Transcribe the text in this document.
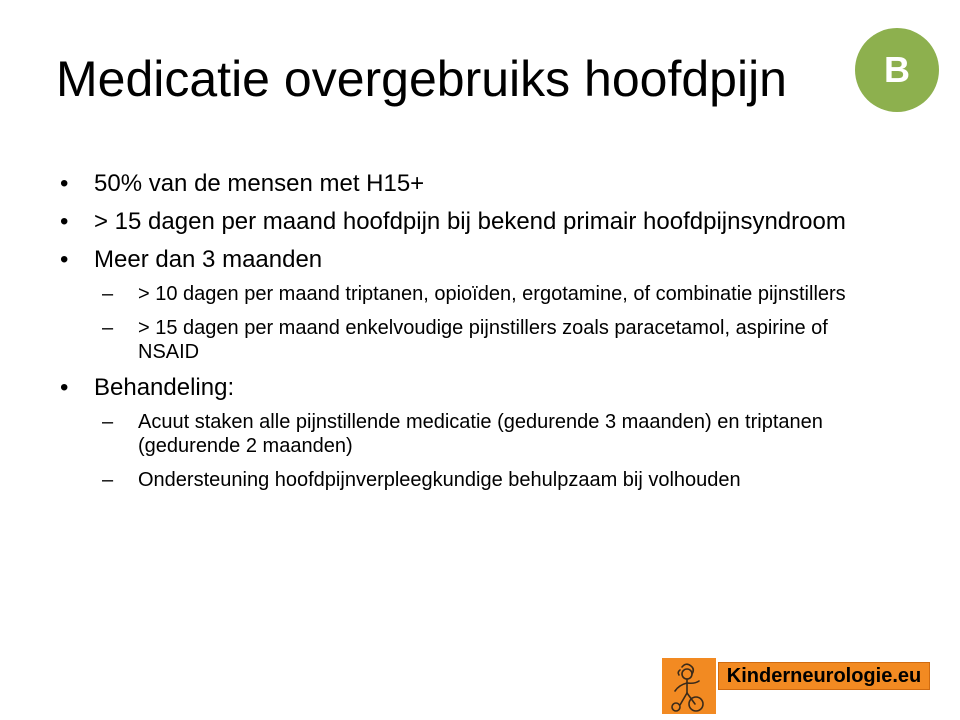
Medicatie overgebruiks hoofdpijn	B
•	50% van de mensen met H15+
•	> 15 dagen per maand hoofdpijn bij bekend primair hoofdpijnsyndroom
•	Meer dan 3 maanden
–	> 10 dagen per maand triptanen, opioïden, ergotamine, of combinatie pijnstillers
–	> 15 dagen per maand enkelvoudige pijnstillers zoals paracetamol, aspirine of NSAID
•	Behandeling:
–	Acuut staken alle pijnstillende medicatie (gedurende 3 maanden) en triptanen (gedurende 2 maanden)
–	Ondersteuning hoofdpijnverpleegkundige behulpzaam bij volhouden
Kinderneurologie.eu
